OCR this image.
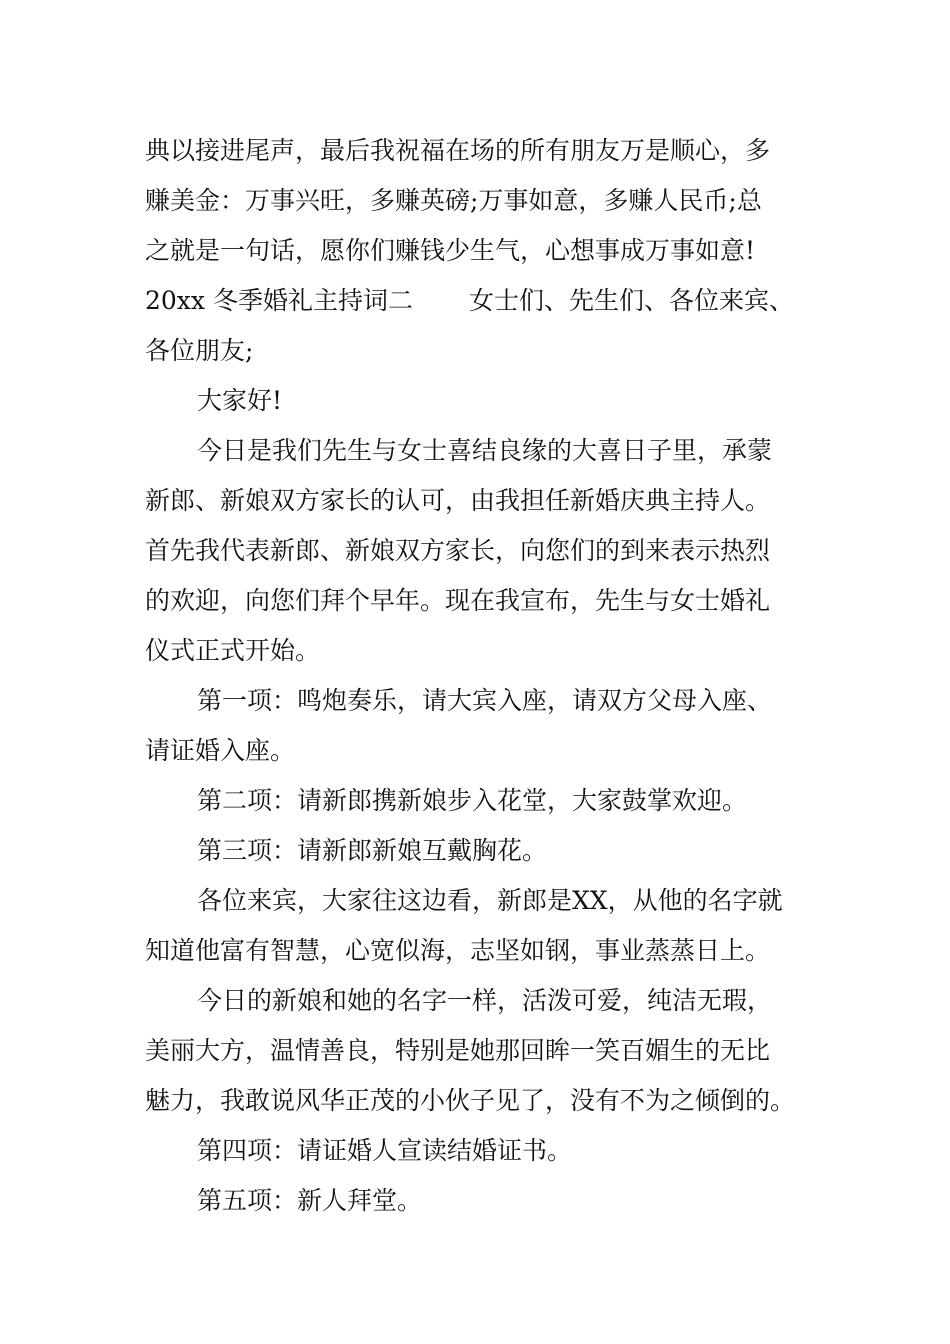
典以接进尾声，最后我祝福在场的所有朋友万是顺心，多
赚美金：万事兴旺，多赚英磅;万事如意，多赚人民币;总
之就是一句话，愿你们赚钱少生气，心想事成万事如意!
20xx 冬季婚礼主持词二 女士们、先生们、各位来宾、
各位朋友;
大家好!
今日是我们先生与女士喜结良缘的大喜日子里，承蒙
新郎、新娘双方家长的认可，由我担任新婚庆典主持人。
首先我代表新郎、新娘双方家长，向您们的到来表示热烈
的欢迎，向您们拜个早年。现在我宣布，先生与女士婚礼
仪式正式开始。
第一项：鸣炮奏乐，请大宾入座，请双方父母入座、
请证婚入座。
第二项：请新郎携新娘步入花堂，大家鼓掌欢迎。
第三项：请新郎新娘互戴胸花。
各位来宾，大家往这边看，新郎是XX，从他的名字就
知道他富有智慧，心宽似海，志坚如钢，事业蒸蒸日上。
今日的新娘和她的名字一样，活泼可爱，纯洁无瑕，
美丽大方，温情善良，特别是她那回眸一笑百媚生的无比
魅力，我敢说风华正茂的小伙子见了，没有不为之倾倒的。
第四项：请证婚人宣读结婚证书。
第五项：新人拜堂。
